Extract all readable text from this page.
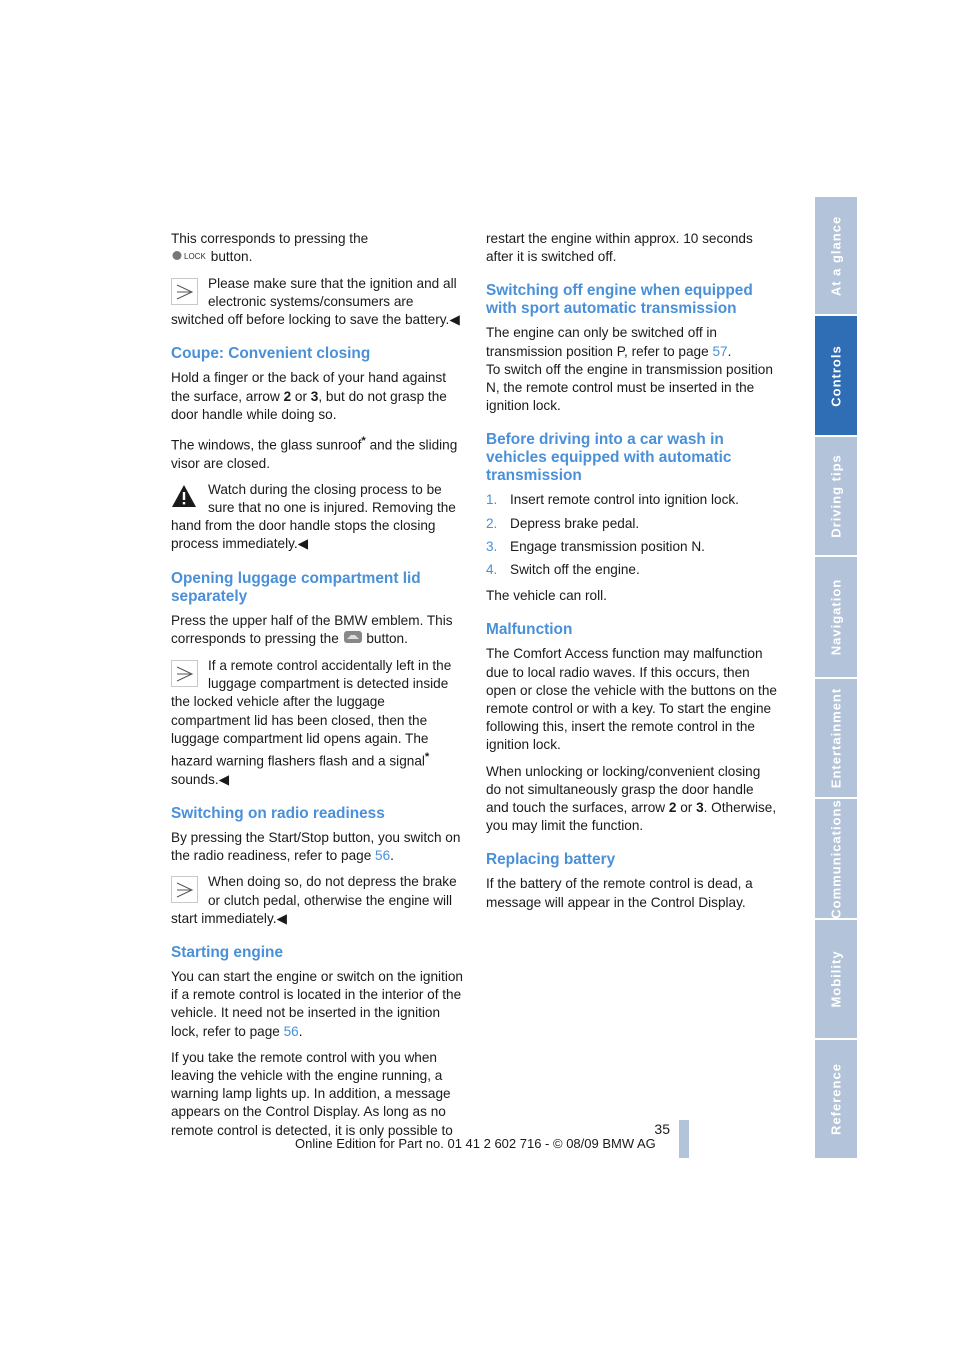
This corresponds to pressing the

LOCK button.

Please make sure that the ignition and all electronic systems/consumers are
switched off before locking to save the battery.◀
Coupe: Convenient closing

Hold a finger or the back of your hand against the surface, arrow 2 or 3, but do not grasp the door handle while doing so.

The windows, the glass sunroof* and the sliding visor are closed.

Watch during the closing process to be sure that no one is injured. Removing the
hand from the door handle stops the closing process immediately.◀
Opening luggage compartment lid separately

Press the upper half of the BMW emblem. This corresponds to pressing the button.

If a remote control accidentally left in the luggage compartment is detected inside
the locked vehicle after the luggage compartment lid has been closed, then the luggage compartment lid opens again. The hazard warning flashers flash and a signal* sounds.◀
Switching on radio readiness

By pressing the Start/Stop button, you switch on the radio readiness, refer to page 56.

When doing so, do not depress the brake or clutch pedal, otherwise the engine will
start immediately.◀
Starting engine

You can start the engine or switch on the ignition if a remote control is located in the interior of the vehicle. It need not be inserted in the ignition lock, refer to page 56.

If you take the remote control with you when leaving the vehicle with the engine running, a warning lamp lights up. In addition, a message appears on the Control Display. As long as no remote control is detected, it is only possible to

restart the engine within approx. 10 seconds after it is switched off.

Switching off engine when equipped with sport automatic transmission

The engine can only be switched off in transmission position P, refer to page 57.

To switch off the engine in transmission position N, the remote control must be inserted in the ignition lock.

Before driving into a car wash in vehicles equipped with automatic transmission
1. Insert remote control into ignition lock.
2. Depress brake pedal.
3. Engage transmission position N.
4. Switch off the engine.

The vehicle can roll.

Malfunction

The Comfort Access function may malfunction due to local radio waves. If this occurs, then open or close the vehicle with the buttons on the remote control or with a key. To start the engine following this, insert the remote control in the ignition lock.

When unlocking or locking/convenient closing do not simultaneously grasp the door handle and touch the surfaces, arrow 2 or 3. Otherwise, you may limit the function.

Replacing battery

If the battery of the remote control is dead, a message will appear in the Control Display.

At a glance
Controls
Driving tips
Navigation
Entertainment
Communications
Mobility
Reference
35
Online Edition for Part no. 01 41 2 602 716 - © 08/09 BMW AG
